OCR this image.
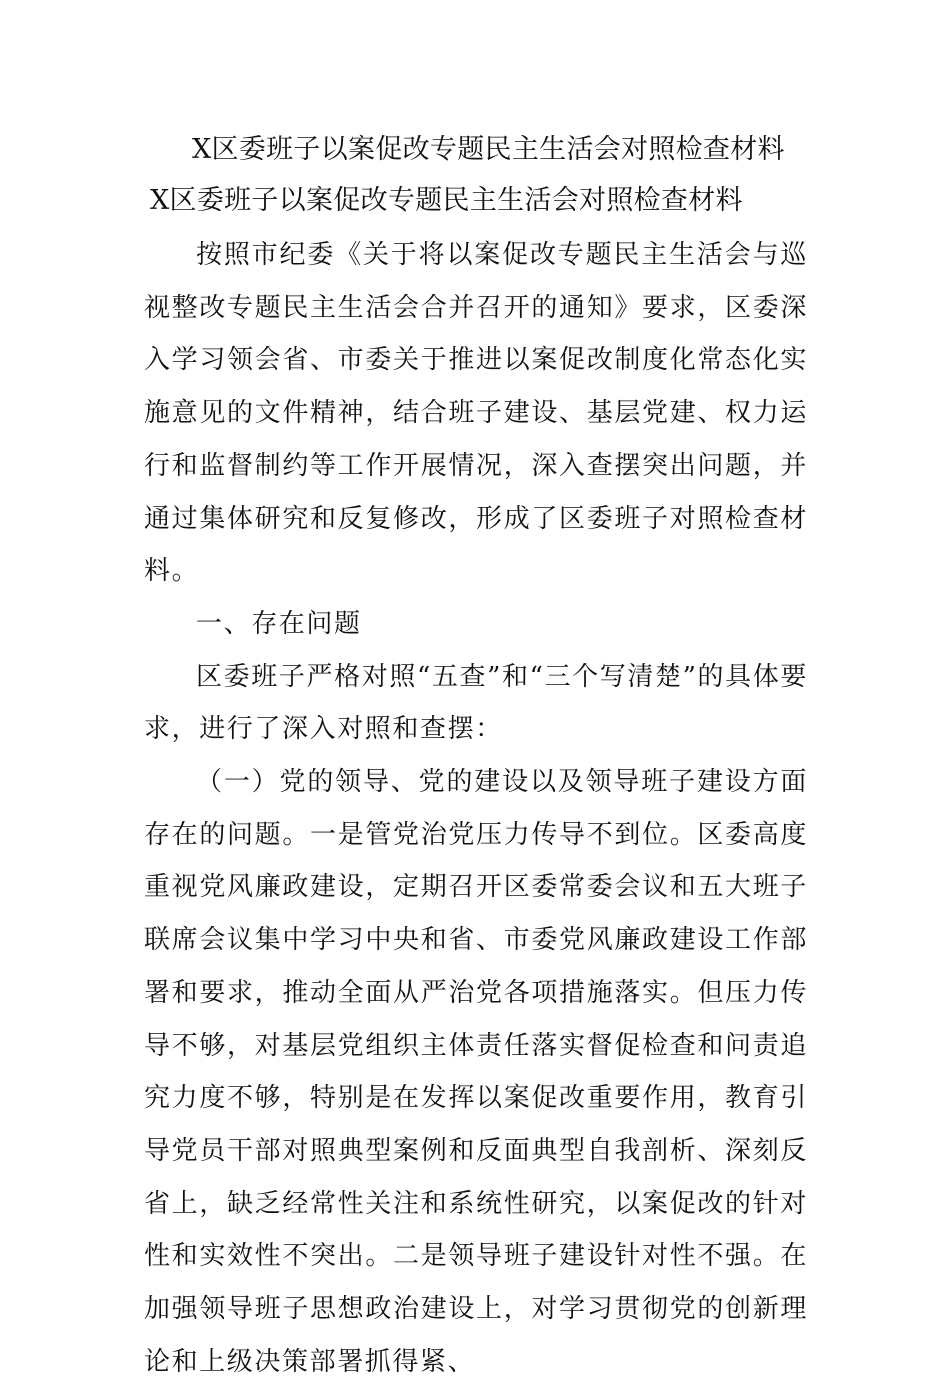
X区委班子以案促改专题民主生活会对照检查材料
X区委班子以案促改专题民主生活会对照检查材料

按照市纪委《关于将以案促改专题民主生活会与巡视整改专题民主生活会合并召开的通知》要求，区委深入学习领会省、市委关于推进以案促改制度化常态化实施意见的文件精神，结合班子建设、基层党建、权力运行和监督制约等工作开展情况，深入查摆突出问题，并通过集体研究和反复修改，形成了区委班子对照检查材料。

一、存在问题

区委班子严格对照“五查”和“三个写清楚”的具体要求，进行了深入对照和查摆：

（一）党的领导、党的建设以及领导班子建设方面存在的问题。一是管党治党压力传导不到位。区委高度重视党风廉政建设，定期召开区委常委会议和五大班子联席会议集中学习中央和省、市委党风廉政建设工作部署和要求，推动全面从严治党各项措施落实。但压力传导不够，对基层党组织主体责任落实督促检查和问责追究力度不够，特别是在发挥以案促改重要作用，教育引导党员干部对照典型案例和反面典型自我剖析、深刻反省上，缺乏经常性关注和系统性研究，以案促改的针对性和实效性不突出。二是领导班子建设针对性不强。在加强领导班子思想政治建设上，对学习贯彻党的创新理论和上级决策部署抓得紧、
